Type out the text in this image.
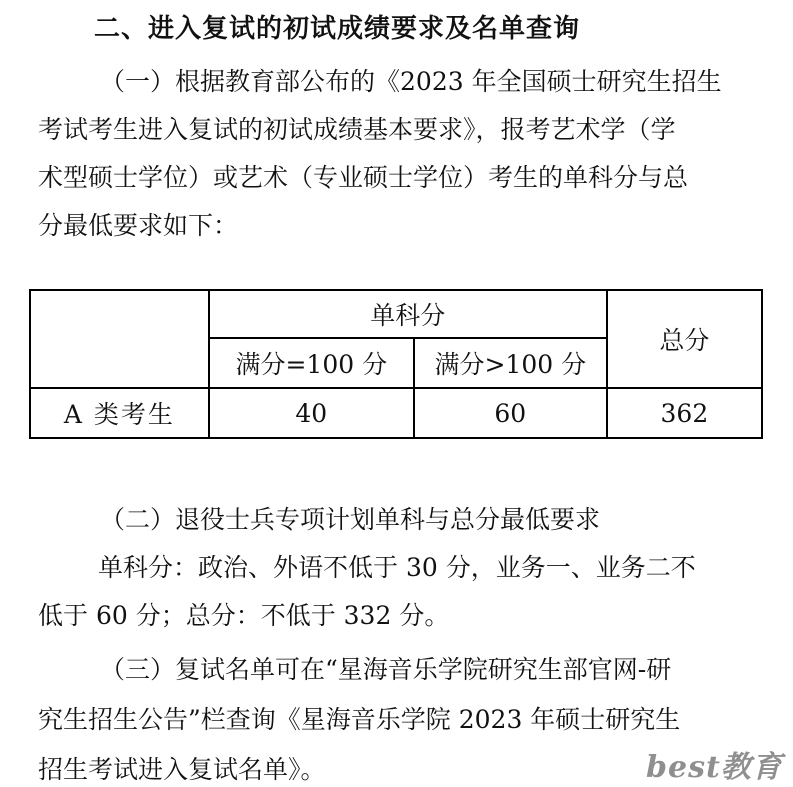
二、进入复试的初试成绩要求及名单查询
（一）根据教育部公布的《2023 年全国硕士研究生招生
考试考生进入复试的初试成绩基本要求》，报考艺术学（学
术型硕士学位）或艺术（专业硕士学位）考生的单科分与总
分最低要求如下：
	单科分		总分
	满分=100 分	满分>100 分	
A 类考生	40	60	362
（二）退役士兵专项计划单科与总分最低要求
单科分：政治、外语不低于 30 分，业务一、业务二不
低于 60 分；总分：不低于 332 分。
（三）复试名单可在“星海音乐学院研究生部官网-研
究生招生公告”栏查询《星海音乐学院 2023 年硕士研究生
招生考试进入复试名单》。	best教育
